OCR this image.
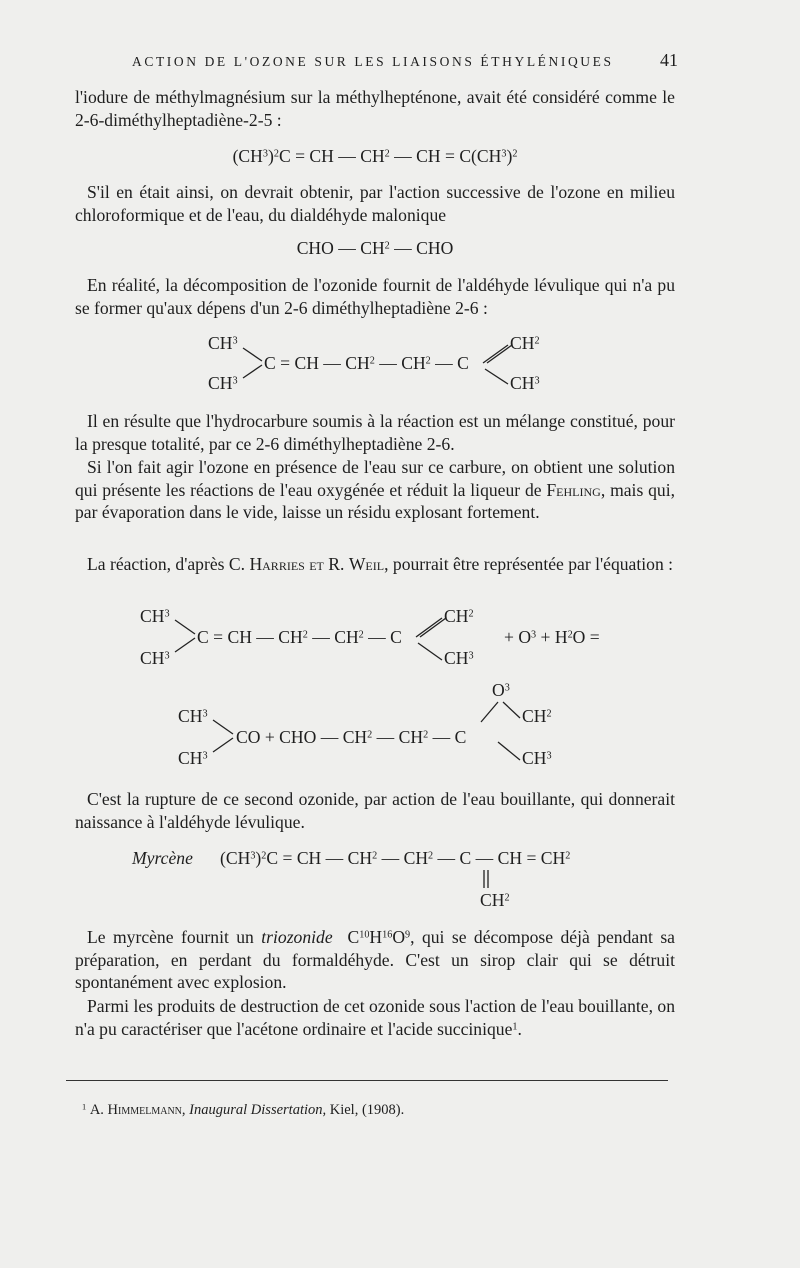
ACTION DE L'OZONE SUR LES LIAISONS ÉTHYLÉNIQUES	41
l'iodure de méthylmagnésium sur la méthylhepténone, avait été considéré comme le 2-6-diméthylheptadiène-2-5 :
$(CH^3)^2C$ = CH — $CH^2$ — CH = $C(CH^3)^2$
S'il en était ainsi, on devrait obtenir, par l'action successive de l'ozone en milieu chloroformique et de l'eau, du dialdéhyde malonique
CHO — $CH^2$ — CHO
En réalité, la décomposition de l'ozonide fournit de l'aldéhyde lévulique qui n'a pu se former qu'aux dépens d'un 2-6 diméthylheptadiène 2-6 :
$CH^3$
$CH^3$
C = CH — $CH^2$ — $CH^2$ — C
$CH^2$
$CH^3$
Il en résulte que l'hydrocarbure soumis à la réaction est un mélange constitué, pour la presque totalité, par ce 2-6 diméthylheptadiène 2-6.
Si l'on fait agir l'ozone en présence de l'eau sur ce carbure, on obtient une solution qui présente les réactions de l'eau oxygénée et réduit la liqueur de Fehling, mais qui, par évaporation dans le vide, laisse un résidu explosant fortement.
La réaction, d'après C. Harries et R. Weil, pourrait être représentée par l'équation :
$CH^3$
$CH^3$
C = CH — $CH^2$ — $CH^2$ — C
$CH^2$
$CH^3$
+ $O^3 + H^2O$ =
$O^3$
$CH^3$
$CH^3$
CO + CHO — $CH^2$ — $CH^2$ — C
$CH^2$
$CH^3$
C'est la rupture de ce second ozonide, par action de l'eau bouillante, qui donnerait naissance à l'aldéhyde lévulique.
Myrcène $(CH^3)^2C$ = CH — $CH^2$ — $CH^2$ — C — CH = $CH^2$
$CH^2$
Le myrcène fournit un triozonide  $C^{10}H^{16}O^9$, qui se décompose déjà pendant sa préparation, en perdant du formaldéhyde. C'est un sirop clair qui se détruit spontanément avec explosion.
Parmi les produits de destruction de cet ozonide sous l'action de l'eau bouillante, on n'a pu caractériser que l'acétone ordinaire et l'acide succinique$^1$.
$^1$ A. Himmelmann, Inaugural Dissertation, Kiel, (1908).
